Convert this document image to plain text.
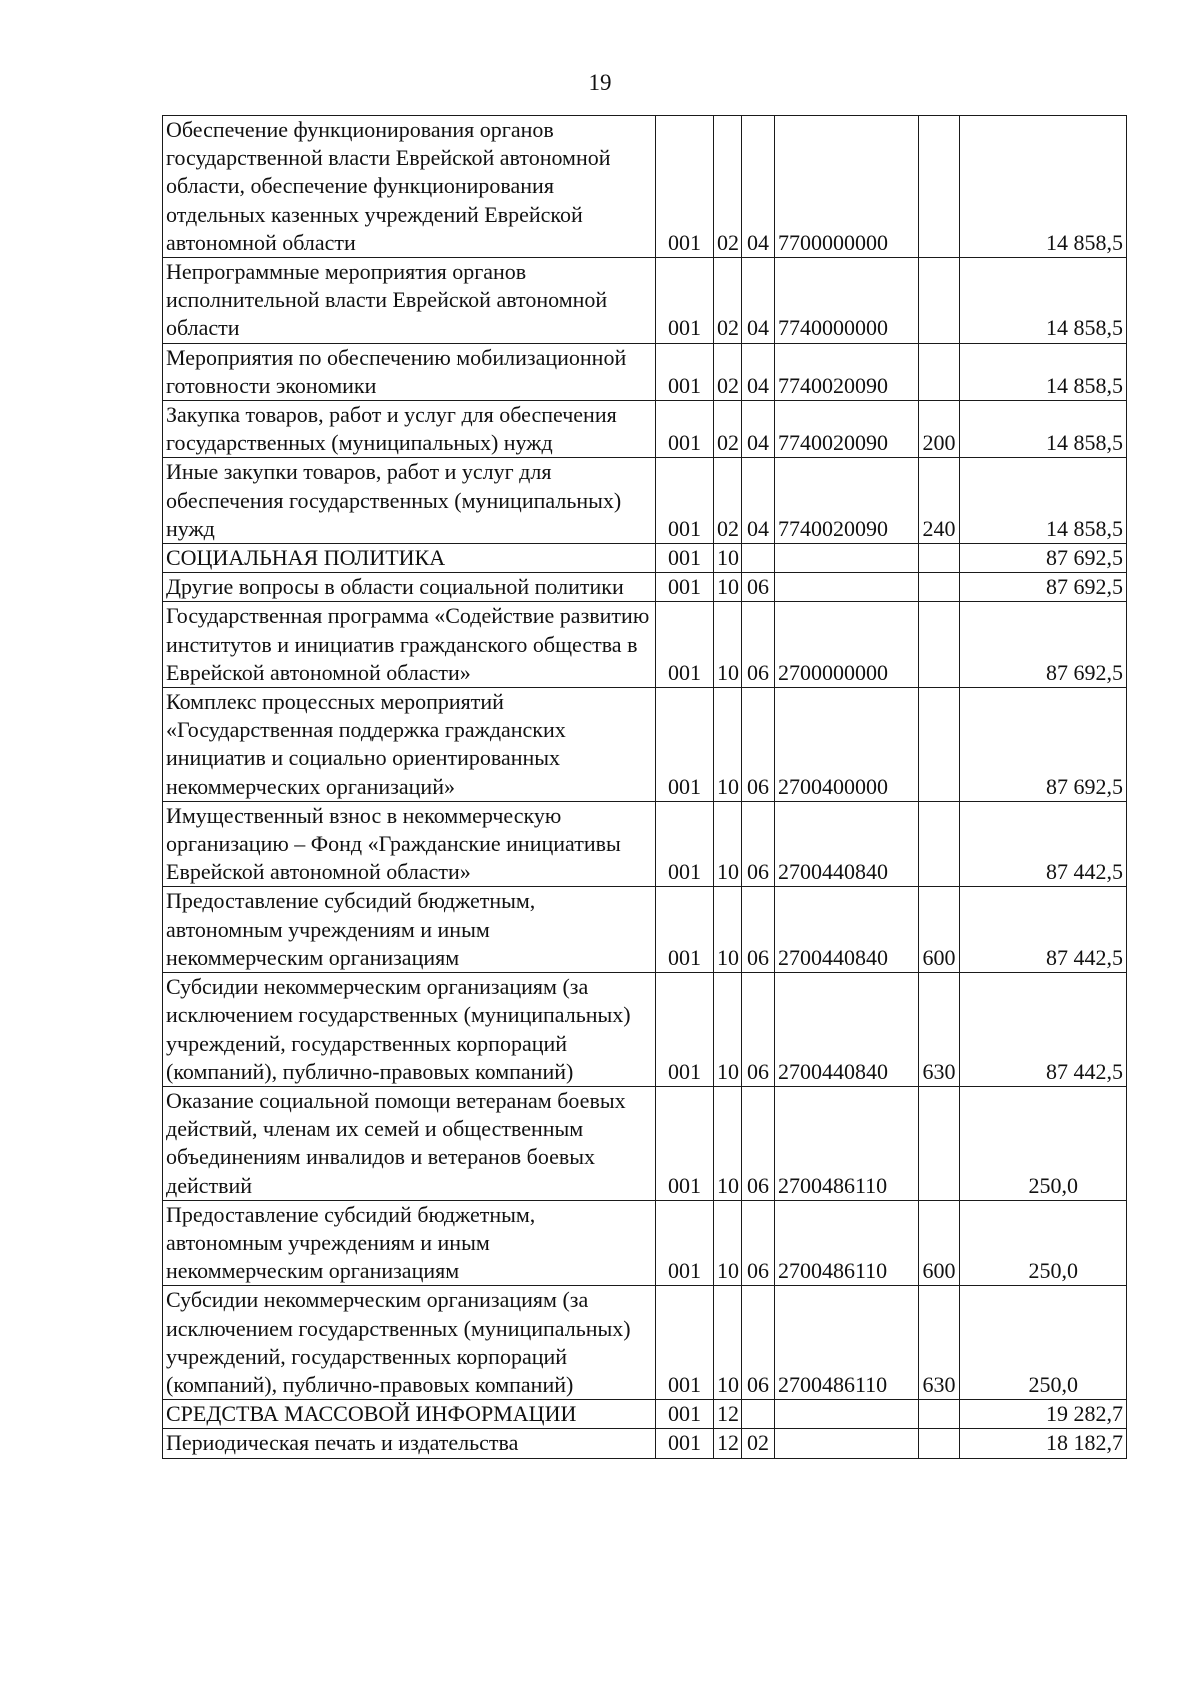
19
Обеспечение функционирования органов государственной власти Еврейской автономной области, обеспечение функционирования отдельных казенных учреждений Еврейской автономной области	001	02	04	7700000000		14 858,5
Непрограммные мероприятия органов исполнительной власти Еврейской автономной области	001	02	04	7740000000		14 858,5
Мероприятия по обеспечению мобилизационной готовности экономики	001	02	04	7740020090		14 858,5
Закупка товаров, работ и услуг для обеспечения государственных (муниципальных) нужд	001	02	04	7740020090	200	14 858,5
Иные закупки товаров, работ и услуг для обеспечения государственных (муниципальных) нужд	001	02	04	7740020090	240	14 858,5
СОЦИАЛЬНАЯ ПОЛИТИКА	001	10				87 692,5
Другие вопросы в области социальной политики	001	10	06			87 692,5
Государственная программа «Содействие развитию институтов и инициатив гражданского общества в Еврейской автономной области»	001	10	06	2700000000		87 692,5
Комплекс процессных мероприятий «Государственная поддержка гражданских инициатив и социально ориентированных некоммерческих организаций»	001	10	06	2700400000		87 692,5
Имущественный взнос в некоммерческую организацию – Фонд «Гражданские инициативы Еврейской автономной области»	001	10	06	2700440840		87 442,5
Предоставление субсидий бюджетным, автономным учреждениям и иным некоммерческим организациям	001	10	06	2700440840	600	87 442,5
Субсидии некоммерческим организациям (за исключением государственных (муниципальных) учреждений, государственных корпораций (компаний), публично-правовых компаний)	001	10	06	2700440840	630	87 442,5
Оказание социальной помощи ветеранам боевых действий, членам их семей и общественным объединениям инвалидов и ветеранов боевых действий	001	10	06	2700486110		250,0
Предоставление субсидий бюджетным, автономным учреждениям и иным некоммерческим организациям	001	10	06	2700486110	600	250,0
Субсидии некоммерческим организациям (за исключением государственных (муниципальных) учреждений, государственных корпораций (компаний), публично-правовых компаний)	001	10	06	2700486110	630	250,0
СРЕДСТВА МАССОВОЙ ИНФОРМАЦИИ	001	12				19 282,7
Периодическая печать и издательства	001	12	02			18 182,7
